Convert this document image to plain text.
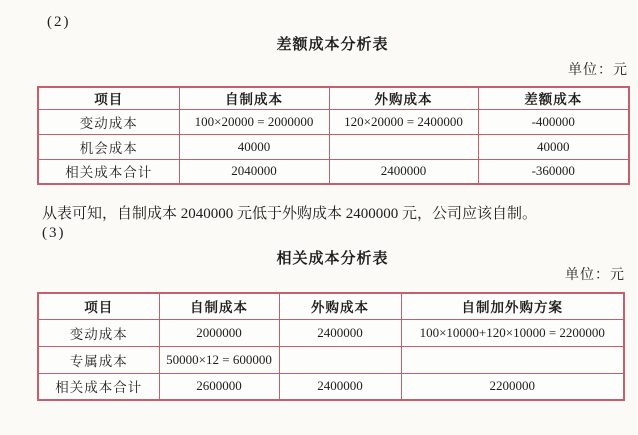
(2)
差额成本分析表
单位：元
项目	自制成本	外购成本	差额成本
变动成本	100×20000 = 2000000	120×20000 = 2400000	-400000
机会成本	40000		40000
相关成本合计	2040000	2400000	-360000
从表可知，自制成本 2040000 元低于外购成本 2400000 元，公司应该自制。
(3)
相关成本分析表
单位：元
项目	自制成本	外购成本	自制加外购方案
变动成本	2000000	2400000	100×10000+120×10000 = 2200000
专属成本	50000×12 = 600000		
相关成本合计	2600000	2400000	2200000
